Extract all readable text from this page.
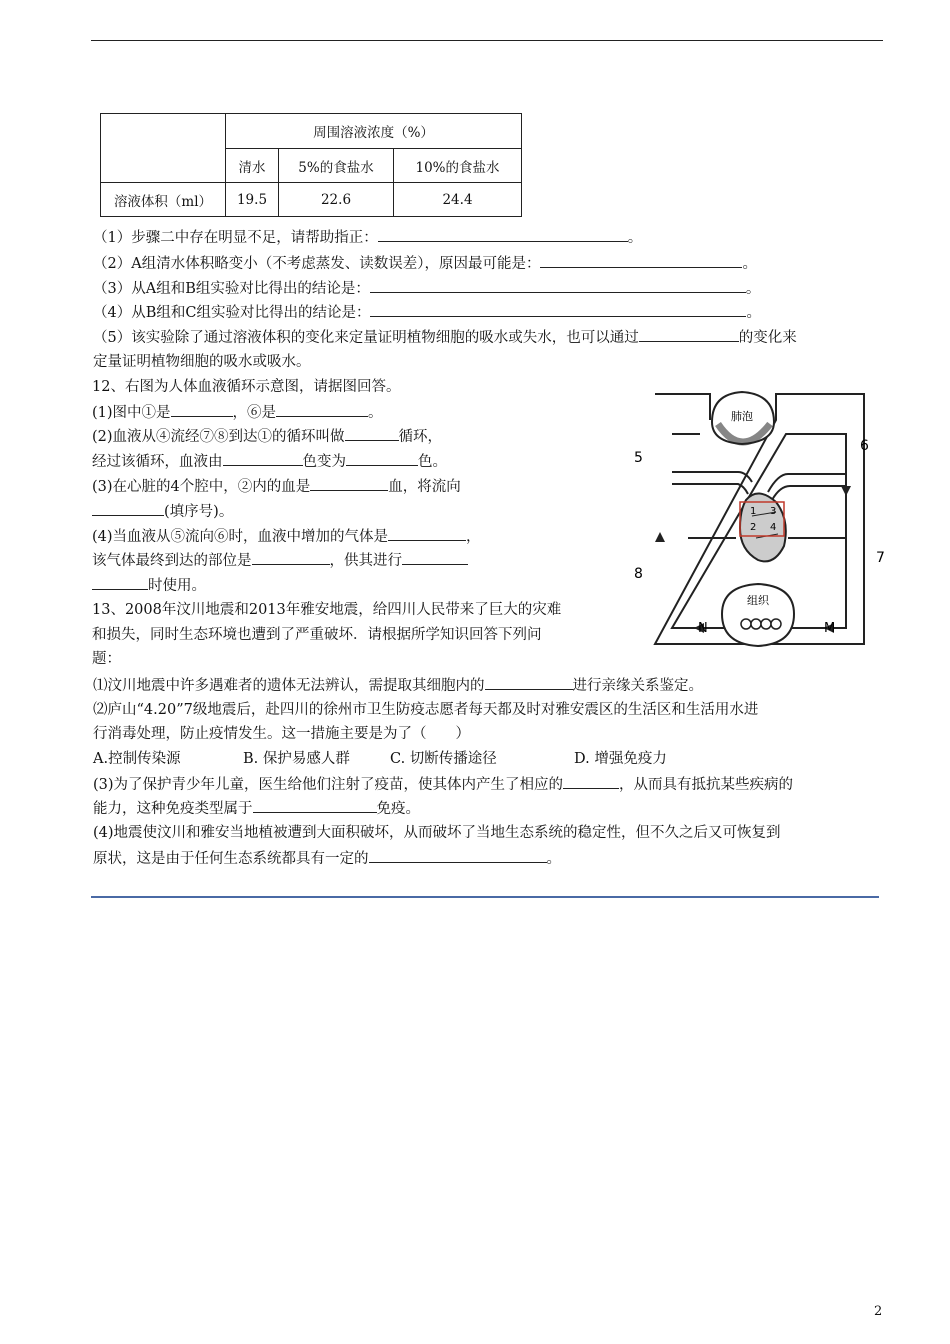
	周围溶液浓度（%）		
	清水	5%的食盐水	10%的食盐水
溶液体积（ml）	19.5	22.6	24.4
（1）步骤二中存在明显不足，请帮助指正：	。
（2）A组清水体积略变小（不考虑蒸发、读数误差），原因最可能是：	。
（3）从A组和B组实验对比得出的结论是：	。
（4）从B组和C组实验对比得出的结论是：	。
（5）该实验除了通过溶液体积的变化来定量证明植物细胞的吸水或失水，也可以通过	的变化来
定量证明植物细胞的吸水或吸水。
12、右图为人体血液循环示意图，请据图回答。
(1)图中①是	，⑥是	。
(2)血液从④流经⑦⑧到达①的循环叫做	循环，
经过该循环，血液由	色变为	色。
(3)在心脏的4个腔中，②内的血是	血，将流向
(填序号)。
(4)当血液从⑤流向⑥时，血液中增加的气体是	，
该气体最终到达的部位是	，供其进行
时使用。
13、2008年汶川地震和2013年雅安地震，给四川人民带来了巨大的灾难
和损失，同时生态环境也遭到了严重破坏．请根据所学知识回答下列问
题：
⑴汶川地震中许多遇难者的遗体无法辨认，需提取其细胞内的	进行亲缘关系鉴定。
⑵庐山“4.20”7级地震后，赴四川的徐州市卫生防疫志愿者每天都及时对雅安震区的生活区和生活用水进
行消毒处理，防止疫情发生。这一措施主要是为了（　　）
A.控制传染源	B. 保护易感人群	C. 切断传播途径	D. 增强免疫力
(3)为了保护青少年儿童，医生给他们注射了疫苗，使其体内产生了相应的	，从而具有抵抗某些疾病的
能力，这种免疫类型属于	免疫。
(4)地震使汶川和雅安当地植被遭到大面积破坏，从而破坏了当地生态系统的稳定性，但不久之后又可恢复到
原状，这是由于任何生态系统都具有一定的	。
肺泡
1
2
3
4
组织
5
6
7
8
N	M
2
